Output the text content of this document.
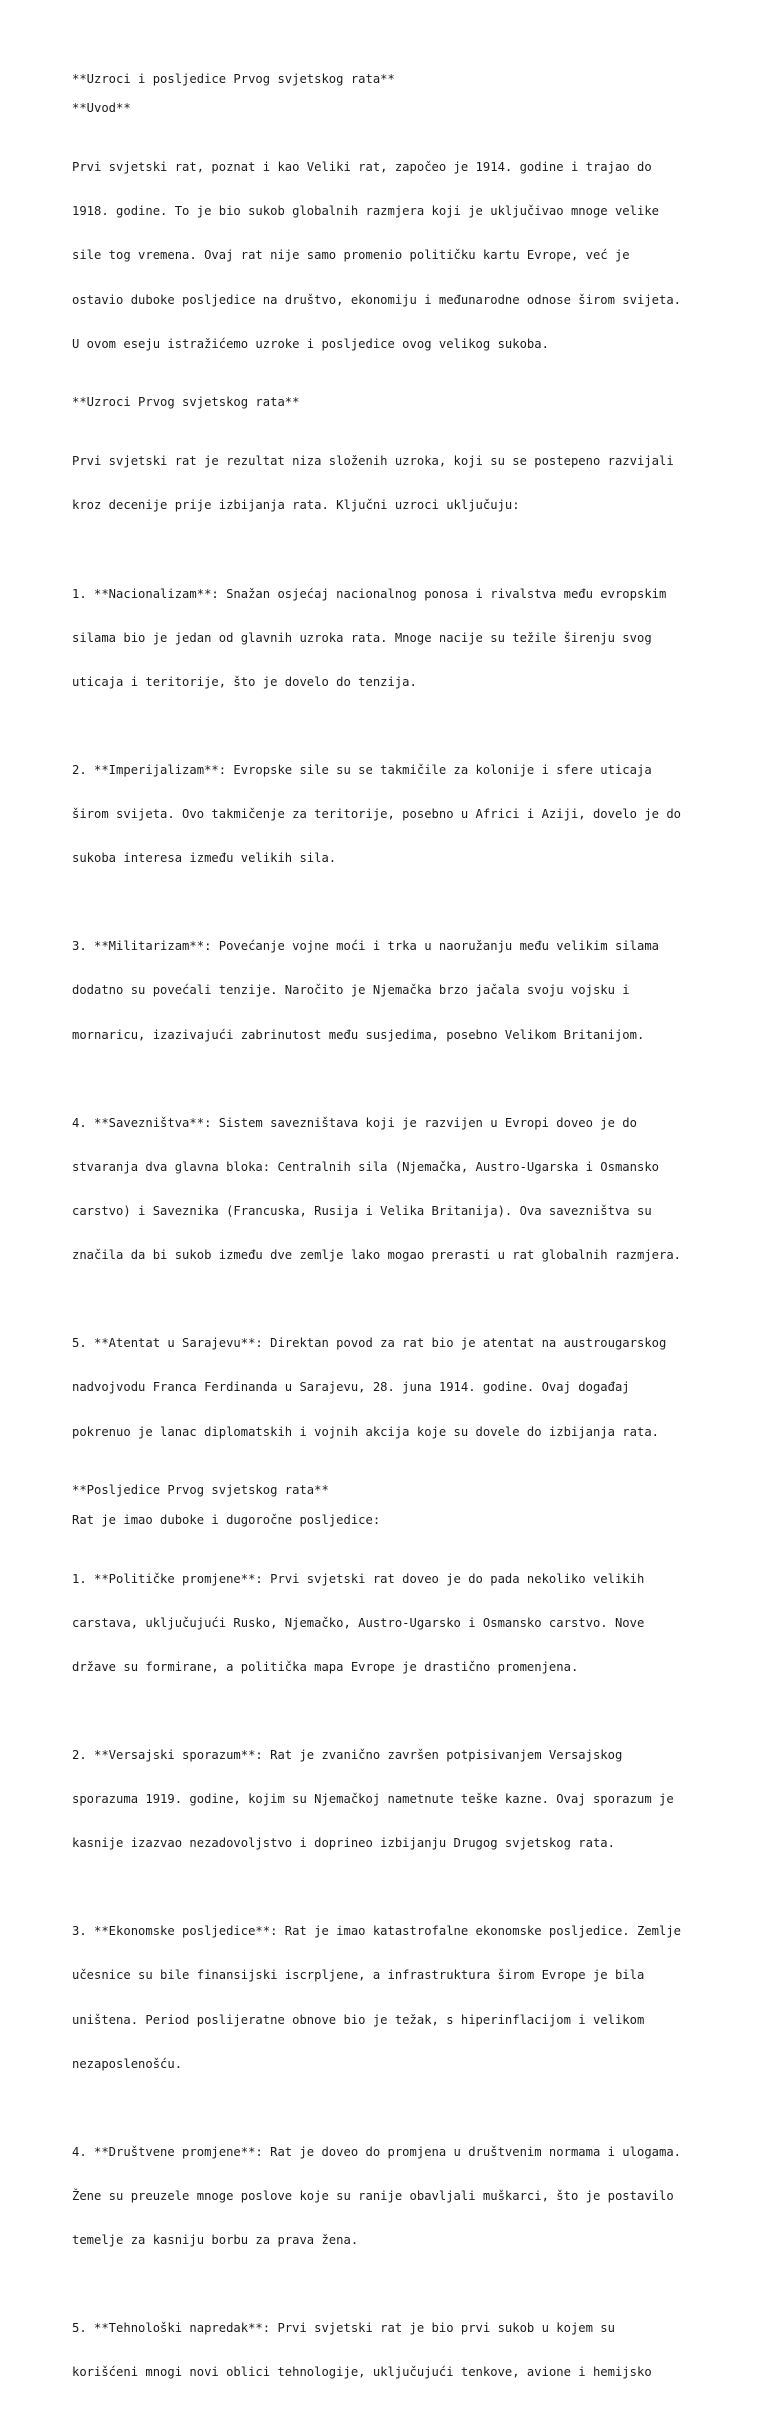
**Uzroci i posljedice Prvog svjetskog rata**
**Uvod**

Prvi svjetski rat, poznat i kao Veliki rat, započeo je 1914. godine i trajao do

1918. godine. To je bio sukob globalnih razmjera koji je uključivao mnoge velike

sile tog vremena. Ovaj rat nije samo promenio političku kartu Evrope, već je

ostavio duboke posljedice na društvo, ekonomiju i međunarodne odnose širom svijeta.

U ovom eseju istražićemo uzroke i posljedice ovog velikog sukoba.

**Uzroci Prvog svjetskog rata**

Prvi svjetski rat je rezultat niza složenih uzroka, koji su se postepeno razvijali

kroz decenije prije izbijanja rata. Ključni uzroci uključuju:

1. **Nacionalizam**: Snažan osjećaj nacionalnog ponosa i rivalstva među evropskim

silama bio je jedan od glavnih uzroka rata. Mnoge nacije su težile širenju svog

uticaja i teritorije, što je dovelo do tenzija.

2. **Imperijalizam**: Evropske sile su se takmičile za kolonije i sfere uticaja

širom svijeta. Ovo takmičenje za teritorije, posebno u Africi i Aziji, dovelo je do

sukoba interesa između velikih sila.

3. **Militarizam**: Povećanje vojne moći i trka u naoružanju među velikim silama

dodatno su povećali tenzije. Naročito je Njemačka brzo jačala svoju vojsku i

mornaricu, izazivajući zabrinutost među susjedima, posebno Velikom Britanijom.

4. **Savezništva**: Sistem savezništava koji je razvijen u Evropi doveo je do

stvaranja dva glavna bloka: Centralnih sila (Njemačka, Austro-Ugarska i Osmansko

carstvo) i Saveznika (Francuska, Rusija i Velika Britanija). Ova savezništva su

značila da bi sukob između dve zemlje lako mogao prerasti u rat globalnih razmjera.

5. **Atentat u Sarajevu**: Direktan povod za rat bio je atentat na austrougarskog

nadvojvodu Franca Ferdinanda u Sarajevu, 28. juna 1914. godine. Ovaj događaj

pokrenuo je lanac diplomatskih i vojnih akcija koje su dovele do izbijanja rata.

**Posljedice Prvog svjetskog rata**
Rat je imao duboke i dugoročne posljedice:

1. **Političke promjene**: Prvi svjetski rat doveo je do pada nekoliko velikih

carstava, uključujući Rusko, Njemačko, Austro-Ugarsko i Osmansko carstvo. Nove

države su formirane, a politička mapa Evrope je drastično promenjena.

2. **Versajski sporazum**: Rat je zvanično završen potpisivanjem Versajskog

sporazuma 1919. godine, kojim su Njemačkoj nametnute teške kazne. Ovaj sporazum je

kasnije izazvao nezadovoljstvo i doprineo izbijanju Drugog svjetskog rata.

3. **Ekonomske posljedice**: Rat je imao katastrofalne ekonomske posljedice. Zemlje

učesnice su bile finansijski iscrpljene, a infrastruktura širom Evrope je bila

uništena. Period poslijeratne obnove bio je težak, s hiperinflacijom i velikom

nezaposlenošću.

4. **Društvene promjene**: Rat je doveo do promjena u društvenim normama i ulogama.

Žene su preuzele mnoge poslove koje su ranije obavljali muškarci, što je postavilo

temelje za kasniju borbu za prava žena.

5. **Tehnološki napredak**: Prvi svjetski rat je bio prvi sukob u kojem su

korišćeni mnogi novi oblici tehnologije, uključujući tenkove, avione i hemijsko
